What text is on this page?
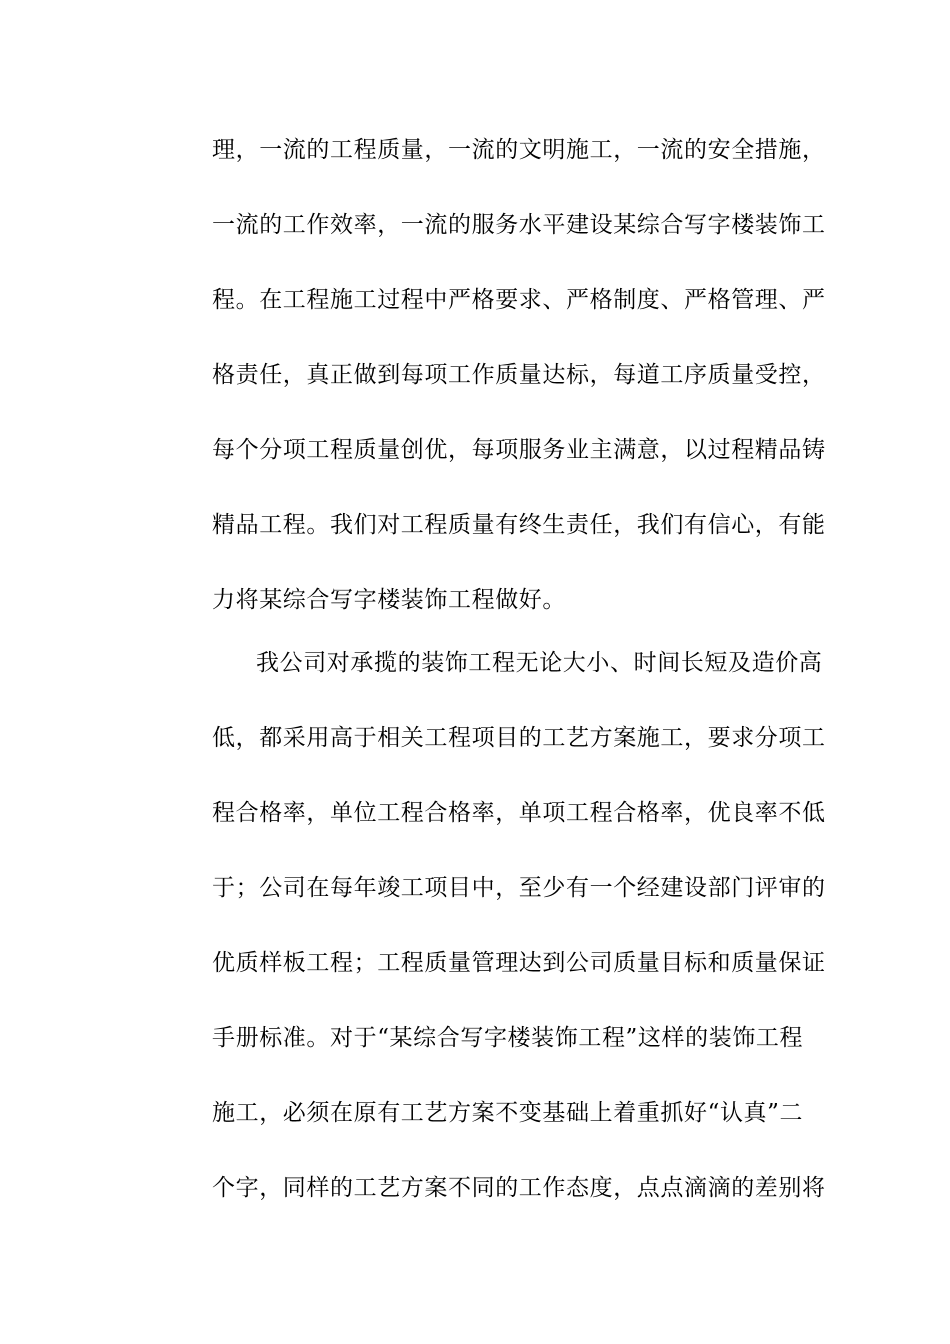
理，一流的工程质量，一流的文明施工，一流的安全措施，
一流的工作效率，一流的服务水平建设某综合写字楼装饰工
程。在工程施工过程中严格要求、严格制度、严格管理、严
格责任，真正做到每项工作质量达标，每道工序质量受控，
每个分项工程质量创优，每项服务业主满意，以过程精品铸
精品工程。我们对工程质量有终生责任，我们有信心，有能
力将某综合写字楼装饰工程做好。
我公司对承揽的装饰工程无论大小、时间长短及造价高
低，都采用高于相关工程项目的工艺方案施工，要求分项工
程合格率，单位工程合格率，单项工程合格率，优良率不低
于；公司在每年竣工项目中，至少有一个经建设部门评审的
优质样板工程；工程质量管理达到公司质量目标和质量保证
手册标准。对于“某综合写字楼装饰工程”这样的装饰工程
施工，必须在原有工艺方案不变基础上着重抓好“认真”二
个字，同样的工艺方案不同的工作态度，点点滴滴的差别将
